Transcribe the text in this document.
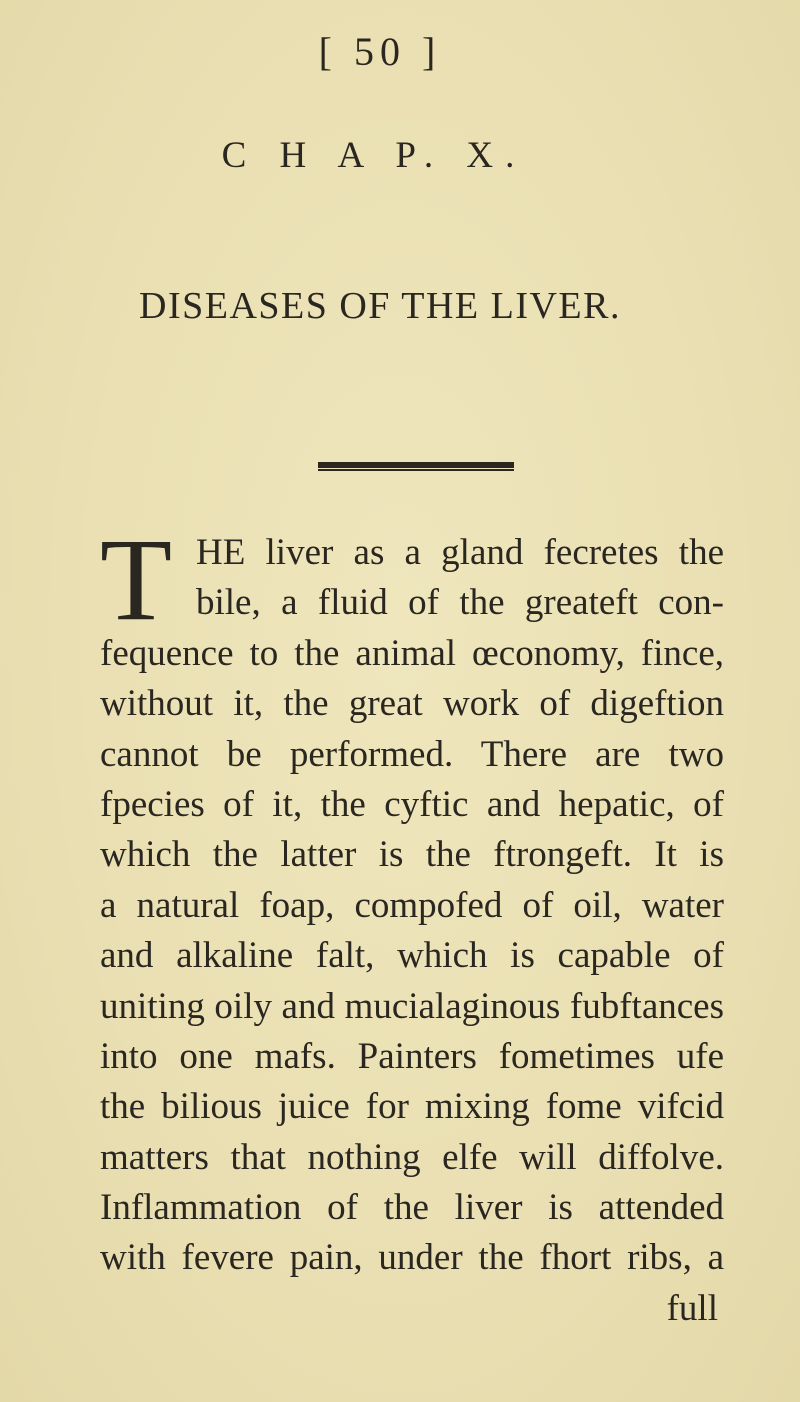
[ 50 ]
C H A P. X.
DISEASES OF THE LIVER.
T HE liver as a gland fecretes the
bile, a fluid of the greateft con-
fequence to the animal œconomy, fince,
without it, the great work of digeftion
cannot be performed. There are two
fpecies of it, the cyftic and hepatic, of
which the latter is the ftrongeft. It is
a natural foap, compofed of oil, water
and alkaline falt, which is capable of
uniting oily and mucialaginous fubftances
into one mafs. Painters fometimes ufe
the bilious juice for mixing fome vifcid
matters that nothing elfe will diffolve.
Inflammation of the liver is attended
with fevere pain, under the fhort ribs, a
full
